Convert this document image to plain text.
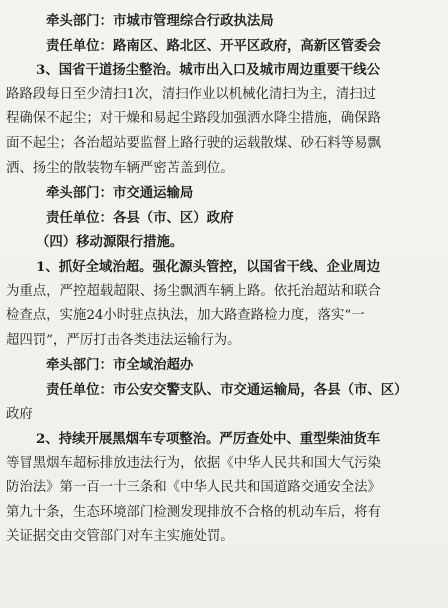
牵头部门：市城市管理综合行政执法局
责任单位：路南区、路北区、开平区政府，高新区管委会
3、国省干道扬尘整治。城市出入口及城市周边重要干线公
路路段每日至少清扫1次，清扫作业以机械化清扫为主，清扫过
程确保不起尘；对干燥和易起尘路段加强洒水降尘措施，确保路
面不起尘；各治超站要监督上路行驶的运载散煤、砂石料等易飘
洒、扬尘的散装物车辆严密苫盖到位。
牵头部门：市交通运输局
责任单位：各县（市、区）政府
（四）移动源限行措施。
1、抓好全域治超。强化源头管控，以国省干线、企业周边
为重点，严控超载超限、扬尘飘洒车辆上路。依托治超站和联合
检查点，实施24小时驻点执法，加大路查路检力度，落实“一
超四罚”，严厉打击各类违法运输行为。
牵头部门：市全域治超办
责任单位：市公安交警支队、市交通运输局，各县（市、区）
政府
2、持续开展黑烟车专项整治。严厉查处中、重型柴油货车
等冒黑烟车超标排放违法行为，依据《中华人民共和国大气污染
防治法》第一百一十三条和《中华人民共和国道路交通安全法》
第九十条，生态环境部门检测发现排放不合格的机动车后，将有
关证据交由交管部门对车主实施处罚。
